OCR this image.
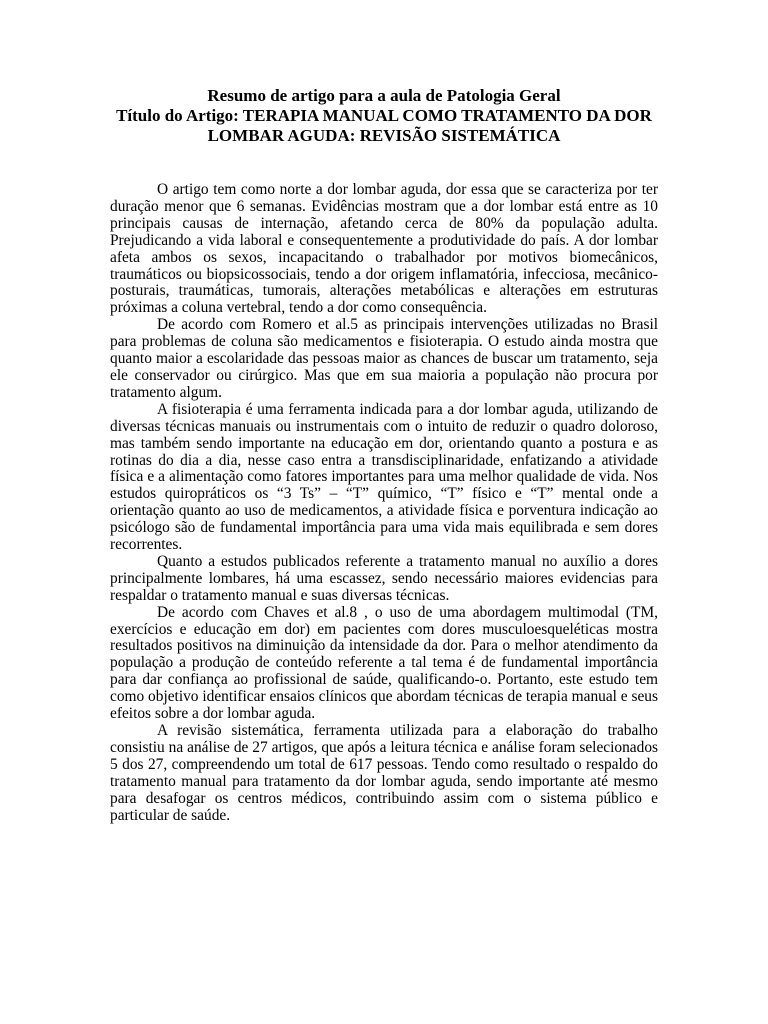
Resumo de artigo para a aula de Patologia Geral
Título do Artigo: TERAPIA MANUAL COMO TRATAMENTO DA DOR LOMBAR AGUDA: REVISÃO SISTEMÁTICA

O artigo tem como norte a dor lombar aguda, dor essa que se caracteriza por ter duração menor que 6 semanas. Evidências mostram que a dor lombar está entre as 10 principais causas de internação, afetando cerca de 80% da população adulta. Prejudicando a vida laboral e consequentemente a produtividade do país. A dor lombar afeta ambos os sexos, incapacitando o trabalhador por motivos biomecânicos, traumáticos ou biopsicossociais, tendo a dor origem inflamatória, infecciosa, mecânico-posturais, traumáticas, tumorais, alterações metabólicas e alterações em estruturas próximas a coluna vertebral, tendo a dor como consequência.

De acordo com Romero et al.5 as principais intervenções utilizadas no Brasil para problemas de coluna são medicamentos e fisioterapia. O estudo ainda mostra que quanto maior a escolaridade das pessoas maior as chances de buscar um tratamento, seja ele conservador ou cirúrgico. Mas que em sua maioria a população não procura por tratamento algum.

A fisioterapia é uma ferramenta indicada para a dor lombar aguda, utilizando de diversas técnicas manuais ou instrumentais com o intuito de reduzir o quadro doloroso, mas também sendo importante na educação em dor, orientando quanto a postura e as rotinas do dia a dia, nesse caso entra a transdisciplinaridade, enfatizando a atividade física e a alimentação como fatores importantes para uma melhor qualidade de vida. Nos estudos quiropráticos os “3 Ts” – “T” químico, “T” físico e “T” mental onde a orientação quanto ao uso de medicamentos, a atividade física e porventura indicação ao psicólogo são de fundamental importância para uma vida mais equilibrada e sem dores recorrentes.

Quanto a estudos publicados referente a tratamento manual no auxílio a dores principalmente lombares, há uma escassez, sendo necessário maiores evidencias para respaldar o tratamento manual e suas diversas técnicas.

De acordo com Chaves et al.8 , o uso de uma abordagem multimodal (TM, exercícios e educação em dor) em pacientes com dores musculoesqueléticas mostra resultados positivos na diminuição da intensidade da dor. Para o melhor atendimento da população a produção de conteúdo referente a tal tema é de fundamental importância para dar confiança ao profissional de saúde, qualificando-o. Portanto, este estudo tem como objetivo identificar ensaios clínicos que abordam técnicas de terapia manual e seus efeitos sobre a dor lombar aguda.

A revisão sistemática, ferramenta utilizada para a elaboração do trabalho consistiu na análise de 27 artigos, que após a leitura técnica e análise foram selecionados 5 dos 27, compreendendo um total de 617 pessoas. Tendo como resultado o respaldo do tratamento manual para tratamento da dor lombar aguda, sendo importante até mesmo para desafogar os centros médicos, contribuindo assim com o sistema público e particular de saúde.
